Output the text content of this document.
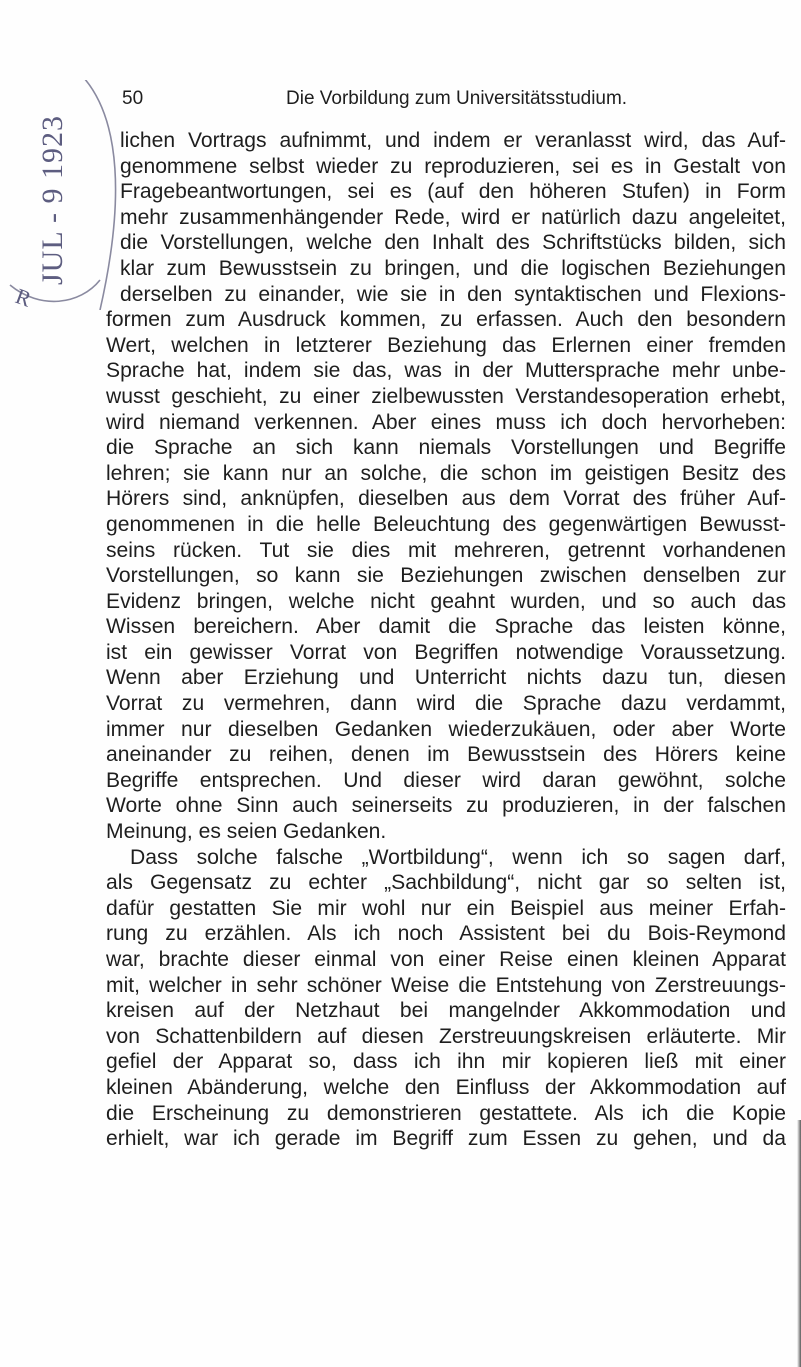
JUL - 9 1923
R
50	Die Vorbildung zum Universitätsstudium.
lichen Vortrags aufnimmt, und indem er veranlasst wird, das Auf-
genommene selbst wieder zu reproduzieren, sei es in Gestalt von
Fragebeantwortungen, sei es (auf den höheren Stufen) in Form
mehr zusammenhängender Rede, wird er natürlich dazu angeleitet,
die Vorstellungen, welche den Inhalt des Schriftstücks bilden, sich
klar zum Bewusstsein zu bringen, und die logischen Beziehungen
derselben zu einander, wie sie in den syntaktischen und Flexions-
formen zum Ausdruck kommen, zu erfassen. Auch den besondern
Wert, welchen in letzterer Beziehung das Erlernen einer fremden
Sprache hat, indem sie das, was in der Muttersprache mehr unbe-
wusst geschieht, zu einer zielbewussten Verstandesoperation erhebt,
wird niemand verkennen. Aber eines muss ich doch hervorheben:
die Sprache an sich kann niemals Vorstellungen und Begriffe
lehren; sie kann nur an solche, die schon im geistigen Besitz des
Hörers sind, anknüpfen, dieselben aus dem Vorrat des früher Auf-
genommenen in die helle Beleuchtung des gegenwärtigen Bewusst-
seins rücken. Tut sie dies mit mehreren, getrennt vorhandenen
Vorstellungen, so kann sie Beziehungen zwischen denselben zur
Evidenz bringen, welche nicht geahnt wurden, und so auch das
Wissen bereichern. Aber damit die Sprache das leisten könne,
ist ein gewisser Vorrat von Begriffen notwendige Voraussetzung.
Wenn aber Erziehung und Unterricht nichts dazu tun, diesen
Vorrat zu vermehren, dann wird die Sprache dazu verdammt,
immer nur dieselben Gedanken wiederzukäuen, oder aber Worte
aneinander zu reihen, denen im Bewusstsein des Hörers keine
Begriffe entsprechen. Und dieser wird daran gewöhnt, solche
Worte ohne Sinn auch seinerseits zu produzieren, in der falschen
Meinung, es seien Gedanken.
Dass solche falsche „Wortbildung“, wenn ich so sagen darf,
als Gegensatz zu echter „Sachbildung“, nicht gar so selten ist,
dafür gestatten Sie mir wohl nur ein Beispiel aus meiner Erfah-
rung zu erzählen. Als ich noch Assistent bei du Bois-Reymond
war, brachte dieser einmal von einer Reise einen kleinen Apparat
mit, welcher in sehr schöner Weise die Entstehung von Zerstreuungs-
kreisen auf der Netzhaut bei mangelnder Akkommodation und
von Schattenbildern auf diesen Zerstreuungskreisen erläuterte. Mir
gefiel der Apparat so, dass ich ihn mir kopieren ließ mit einer
kleinen Abänderung, welche den Einfluss der Akkommodation auf
die Erscheinung zu demonstrieren gestattete. Als ich die Kopie
erhielt, war ich gerade im Begriff zum Essen zu gehen, und da
